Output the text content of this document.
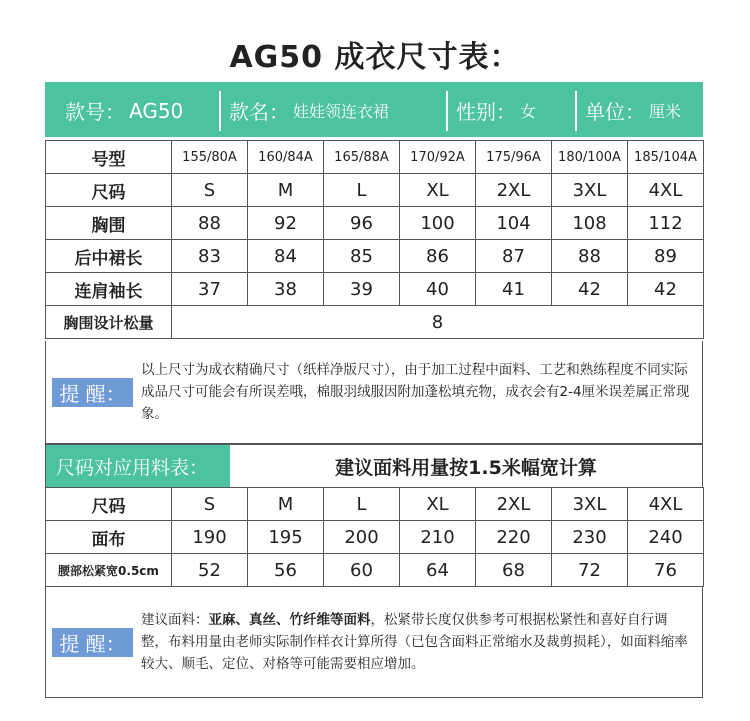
AG50 成衣尺寸表：
款号： AG50 款名： 娃娃领连衣裙	性别： 女 单位： 厘米
号型	155/80A	160/84A	165/88A	170/92A	175/96A	180/100A	185/104A
尺码	S	M	L	XL	2XL	3XL	4XL
胸围	88	92	96	100	104	108	112
后中裙长	83	84	85	86	87	88	89
连肩袖长	37	38	39	40	41	42	42
胸围设计松量	8						
提 醒：
以上尺寸为成衣精确尺寸（纸样净版尺寸），由于加工过程中面料、工艺和熟练程度不同实际成品尺寸可能会有所误差哦，棉服羽绒服因附加蓬松填充物，成衣会有2-4厘米误差属正常现象。
尺码对应用料表：	建议面料用量按1.5米幅宽计算
尺码	S	M	L	XL	2XL	3XL	4XL
面布	190	195	200	210	220	230	240
腰部松紧宽0.5cm	52	56	60	64	68	72	76
提 醒：
建议面料：亚麻、真丝、竹纤维等面料，松紧带长度仅供参考可根据松紧性和喜好自行调整，布料用量由老师实际制作样衣计算所得（已包含面料正常缩水及裁剪损耗），如面料缩率较大、顺毛、定位、对格等可能需要相应增加。
